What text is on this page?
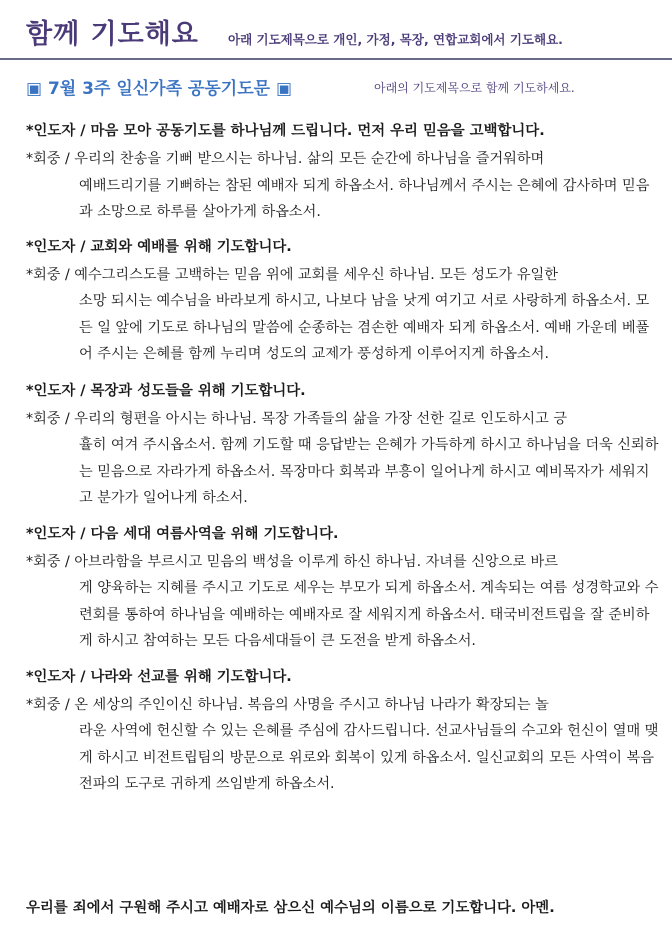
함께 기도해요 아래 기도제목으로 개인, 가정, 목장, 연합교회에서 기도해요.
▣ 7월 3주 일신가족 공동기도문 ▣	아래의 기도제목으로 함께 기도하세요.
*인도자 / 마음 모아 공동기도를 하나님께 드립니다. 먼저 우리 믿음을 고백합니다.
*회중 / 우리의 찬송을 기뻐 받으시는 하나님. 삶의 모든 순간에 하나님을 즐거워하며
예배드리기를 기뻐하는 참된 예배자 되게 하옵소서. 하나님께서 주시는 은혜에 감사하며 믿음과 소망으로 하루를 살아가게 하옵소서.
*인도자 / 교회와 예배를 위해 기도합니다.
*회중 / 예수그리스도를 고백하는 믿음 위에 교회를 세우신 하나님. 모든 성도가 유일한
소망 되시는 예수님을 바라보게 하시고, 나보다 남을 낫게 여기고 서로 사랑하게 하옵소서. 모든 일 앞에 기도로 하나님의 말씀에 순종하는 겸손한 예배자 되게 하옵소서. 예배 가운데 베풀어 주시는 은혜를 함께 누리며 성도의 교제가 풍성하게 이루어지게 하옵소서.
*인도자 / 목장과 성도들을 위해 기도합니다.
*회중 / 우리의 형편을 아시는 하나님. 목장 가족들의 삶을 가장 선한 길로 인도하시고 긍
휼히 여겨 주시옵소서. 함께 기도할 때 응답받는 은혜가 가득하게 하시고 하나님을 더욱 신뢰하는 믿음으로 자라가게 하옵소서. 목장마다 회복과 부흥이 일어나게 하시고 예비목자가 세워지고 분가가 일어나게 하소서.
*인도자 / 다음 세대 여름사역을 위해 기도합니다.
*회중 / 아브라함을 부르시고 믿음의 백성을 이루게 하신 하나님. 자녀를 신앙으로 바르
게 양육하는 지혜를 주시고 기도로 세우는 부모가 되게 하옵소서. 계속되는 여름 성경학교와 수련회를 통하여 하나님을 예배하는 예배자로 잘 세워지게 하옵소서. 태국비전트립을 잘 준비하게 하시고 참여하는 모든 다음세대들이 큰 도전을 받게 하옵소서.
*인도자 / 나라와 선교를 위해 기도합니다.
*회중 / 온 세상의 주인이신 하나님. 복음의 사명을 주시고 하나님 나라가 확장되는 놀
라운 사역에 헌신할 수 있는 은혜를 주심에 감사드립니다. 선교사님들의 수고와 헌신이 열매 맺게 하시고 비전트립팀의 방문으로 위로와 회복이 있게 하옵소서. 일신교회의 모든 사역이 복음 전파의 도구로 귀하게 쓰임받게 하옵소서.
우리를 죄에서 구원해 주시고 예배자로 삼으신 예수님의 이름으로 기도합니다. 아멘.
